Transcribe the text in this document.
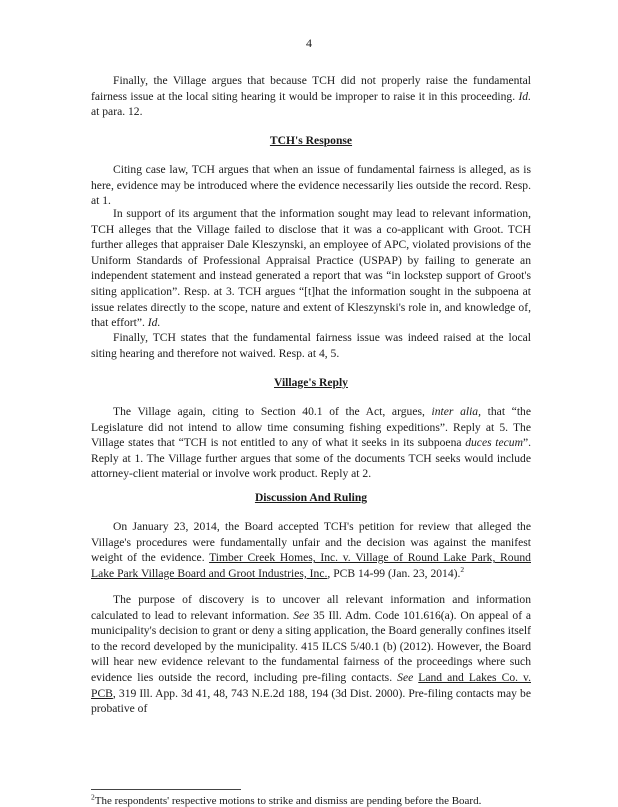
4

Finally, the Village argues that because TCH did not properly raise the fundamental fairness issue at the local siting hearing it would be improper to raise it in this proceeding. Id. at para. 12.

TCH's Response

Citing case law, TCH argues that when an issue of fundamental fairness is alleged, as is here, evidence may be introduced where the evidence necessarily lies outside the record. Resp. at 1.

In support of its argument that the information sought may lead to relevant information, TCH alleges that the Village failed to disclose that it was a co-applicant with Groot. TCH further alleges that appraiser Dale Kleszynski, an employee of APC, violated provisions of the Uniform Standards of Professional Appraisal Practice (USPAP) by failing to generate an independent statement and instead generated a report that was “in lockstep support of Groot's siting application”. Resp. at 3. TCH argues “[t]hat the information sought in the subpoena at issue relates directly to the scope, nature and extent of Kleszynski's role in, and knowledge of, that effort”. Id.

Finally, TCH states that the fundamental fairness issue was indeed raised at the local siting hearing and therefore not waived. Resp. at 4, 5.

Village's Reply

The Village again, citing to Section 40.1 of the Act, argues, inter alia, that “the Legislature did not intend to allow time consuming fishing expeditions”. Reply at 5. The Village states that “TCH is not entitled to any of what it seeks in its subpoena duces tecum”. Reply at 1. The Village further argues that some of the documents TCH seeks would include attorney-client material or involve work product. Reply at 2.

Discussion And Ruling

On January 23, 2014, the Board accepted TCH's petition for review that alleged the Village's procedures were fundamentally unfair and the decision was against the manifest weight of the evidence. Timber Creek Homes, Inc. v. Village of Round Lake Park, Round Lake Park Village Board and Groot Industries, Inc., PCB 14-99 (Jan. 23, 2014).$^2$

The purpose of discovery is to uncover all relevant information and information calculated to lead to relevant information. See 35 Ill. Adm. Code 101.616(a). On appeal of a municipality's decision to grant or deny a siting application, the Board generally confines itself to the record developed by the municipality. 415 ILCS 5/40.1 (b) (2012). However, the Board will hear new evidence relevant to the fundamental fairness of the proceedings where such evidence lies outside the record, including pre-filing contacts. See Land and Lakes Co. v. PCB, 319 Ill. App. 3d 41, 48, 743 N.E.2d 188, 194 (3d Dist. 2000). Pre-filing contacts may be probative of

$^2$The respondents' respective motions to strike and dismiss are pending before the Board.
